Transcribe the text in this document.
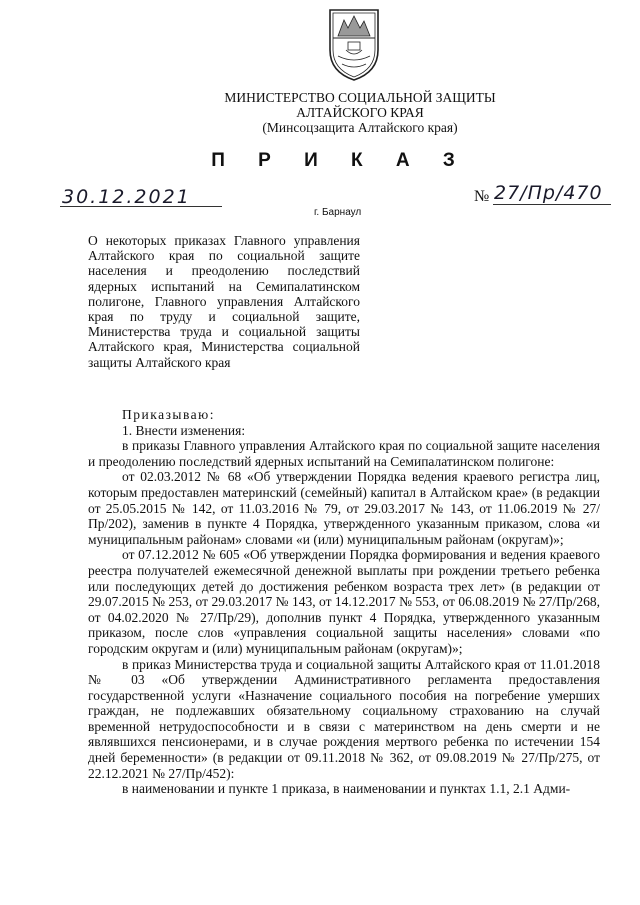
МИНИСТЕРСТВО СОЦИАЛЬНОЙ ЗАЩИТЫ
АЛТАЙСКОГО КРАЯ
(Минсоцзащита Алтайского края)
П Р И К А З
30.12.2021	№ 27/Пр/470
г. Барнаул
О некоторых приказах Главного управления Алтайского края по социальной защите населения и преодолению последствий ядерных испытаний на Семипалатинском полигоне, Главного управления Алтайского края по труду и социальной защите, Министерства труда и социальной защиты Алтайского края, Министерства социальной защиты Алтайского края

Приказываю:

1. Внести изменения:

в приказы Главного управления Алтайского края по социальной защите населения и преодолению последствий ядерных испытаний на Семипалатинском полигоне:

от 02.03.2012 № 68 «Об утверждении Порядка ведения краевого регистра лиц, которым предоставлен материнский (семейный) капитал в Алтайском крае» (в редакции от 25.05.2015 № 142, от 11.03.2016 № 79, от 29.03.2017 № 143, от 11.06.2019 № 27/Пр/202), заменив в пункте 4 Порядка, утвержденного указанным приказом, слова «и муниципальным районам» словами «и (или) муниципальным районам (округам)»;

от 07.12.2012 № 605 «Об утверждении Порядка формирования и ведения краевого реестра получателей ежемесячной денежной выплаты при рождении третьего ребенка или последующих детей до достижения ребенком возраста трех лет» (в редакции от 29.07.2015 № 253, от 29.03.2017 № 143, от 14.12.2017 № 553, от 06.08.2019 № 27/Пр/268, от 04.02.2020 № 27/Пр/29), дополнив пункт 4 Порядка, утвержденного указанным приказом, после слов «управления социальной защиты населения» словами «по городским округам и (или) муниципальным районам (округам)»;

в приказ Министерства труда и социальной защиты Алтайского края от 11.01.2018 № 03 «Об утверждении Административного регламента предоставления государственной услуги «Назначение социального пособия на погребение умерших граждан, не подлежавших обязательному социальному страхованию на случай временной нетрудоспособности и в связи с материнством на день смерти и не являвшихся пенсионерами, и в случае рождения мертвого ребенка по истечении 154 дней беременности» (в редакции от 09.11.2018 № 362, от 09.08.2019 № 27/Пр/275, от 22.12.2021 № 27/Пр/452):

в наименовании и пункте 1 приказа, в наименовании и пунктах 1.1, 2.1 Адми-
